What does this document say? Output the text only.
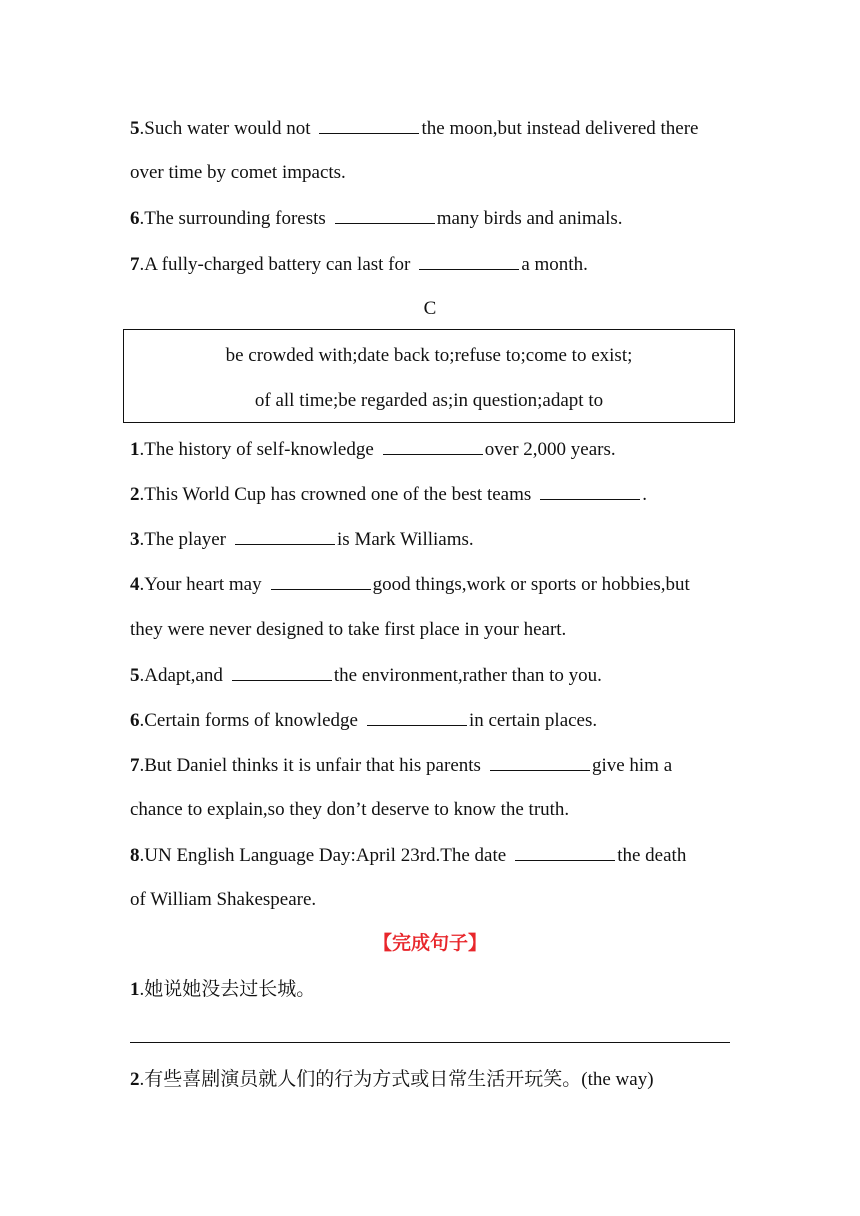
5.Such water would not	the moon,but instead delivered there
over time by comet impacts.
6.The surrounding forests	many birds and animals.
7.A fully-charged battery can last for	a month.
C
be crowded with;date back to;refuse to;come to exist;
of all time;be regarded as;in question;adapt to
1.The history of self-knowledge	over 2,000 years.
2.This World Cup has crowned one of the best teams	.
3.The player	is Mark Williams.
4.Your heart may	good things,work or sports or hobbies,but
they were never designed to take first place in your heart.
5.Adapt,and	the environment,rather than to you.
6.Certain forms of knowledge	in certain places.
7.But Daniel thinks it is unfair that his parents	give him a
chance to explain,so they don’t deserve to know the truth.
8.UN English Language Day:April 23rd.The date	the death
of William Shakespeare.
【完成句子】
1.她说她没去过长城。
2.有些喜剧演员就人们的行为方式或日常生活开玩笑。(the way)
